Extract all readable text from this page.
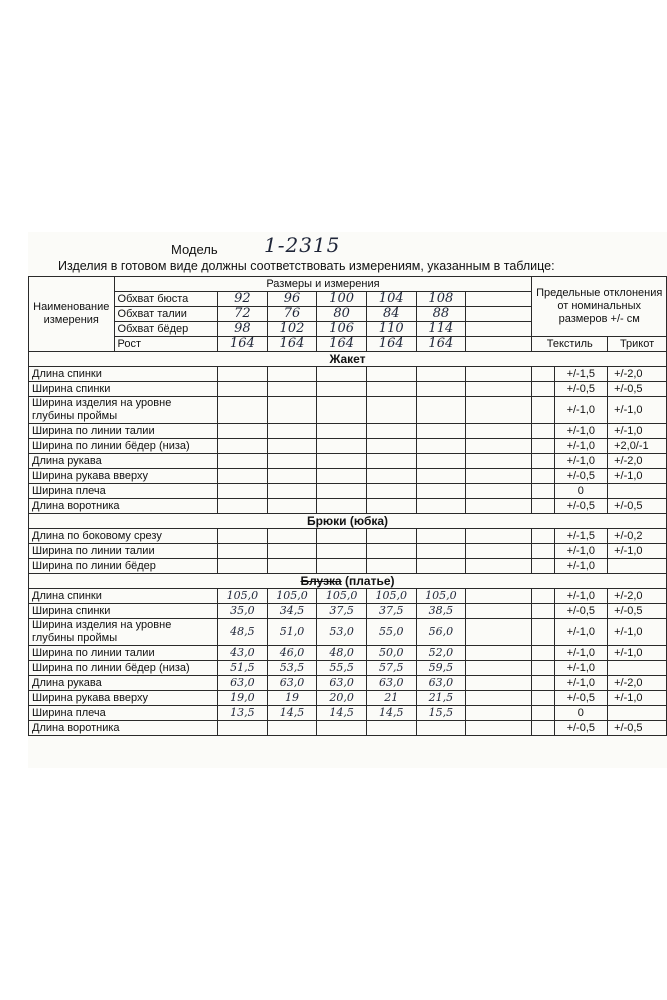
Модель 1-2315
Изделия в готовом виде должны соответствовать измерениям, указанным в таблице:
Наименование измерения	Размеры и измерения							Предельные отклонения от номинальных размеров +/- см		
	Обхват бюста	92	96	100	104	108				
	Обхват талии	72	76	80	84	88				
	Обхват бёдер	98	102	106	110	114				
	Рост	164	164	164	164	164		Текстиль		Трикот
Жакет										
Длина спинки									+/-1,5	+/-2,0
Ширина спинки									+/-0,5	+/-0,5
Ширина изделия на уровне глубины проймы									+/-1,0	+/-1,0
Ширина по линии талии									+/-1,0	+/-1,0
Ширина по линии бёдер (низа)									+/-1,0	+2,0/-1
Длина рукава									+/-1,0	+/-2,0
Ширина рукава вверху									+/-0,5	+/-1,0
Ширина плеча									0	
Длина воротника									+/-0,5	+/-0,5
Брюки (юбка)										
Длина по боковому срезу									+/-1,5	+/-0,2
Ширина по линии талии									+/-1,0	+/-1,0
Ширина по линии бёдер									+/-1,0	
Блузка (платье)										
Длина спинки		105,0	105,0	105,0	105,0	105,0			+/-1,0	+/-2,0
Ширина спинки		35,0	34,5	37,5	37,5	38,5			+/-0,5	+/-0,5
Ширина изделия на уровне глубины проймы		48,5	51,0	53,0	55,0	56,0			+/-1,0	+/-1,0
Ширина по линии талии		43,0	46,0	48,0	50,0	52,0			+/-1,0	+/-1,0
Ширина по линии бёдер (низа)		51,5	53,5	55,5	57,5	59,5			+/-1,0	
Длина рукава		63,0	63,0	63,0	63,0	63,0			+/-1,0	+/-2,0
Ширина рукава вверху		19,0	19	20,0	21	21,5			+/-0,5	+/-1,0
Ширина плеча		13,5	14,5	14,5	14,5	15,5			0	
Длина воротника									+/-0,5	+/-0,5
